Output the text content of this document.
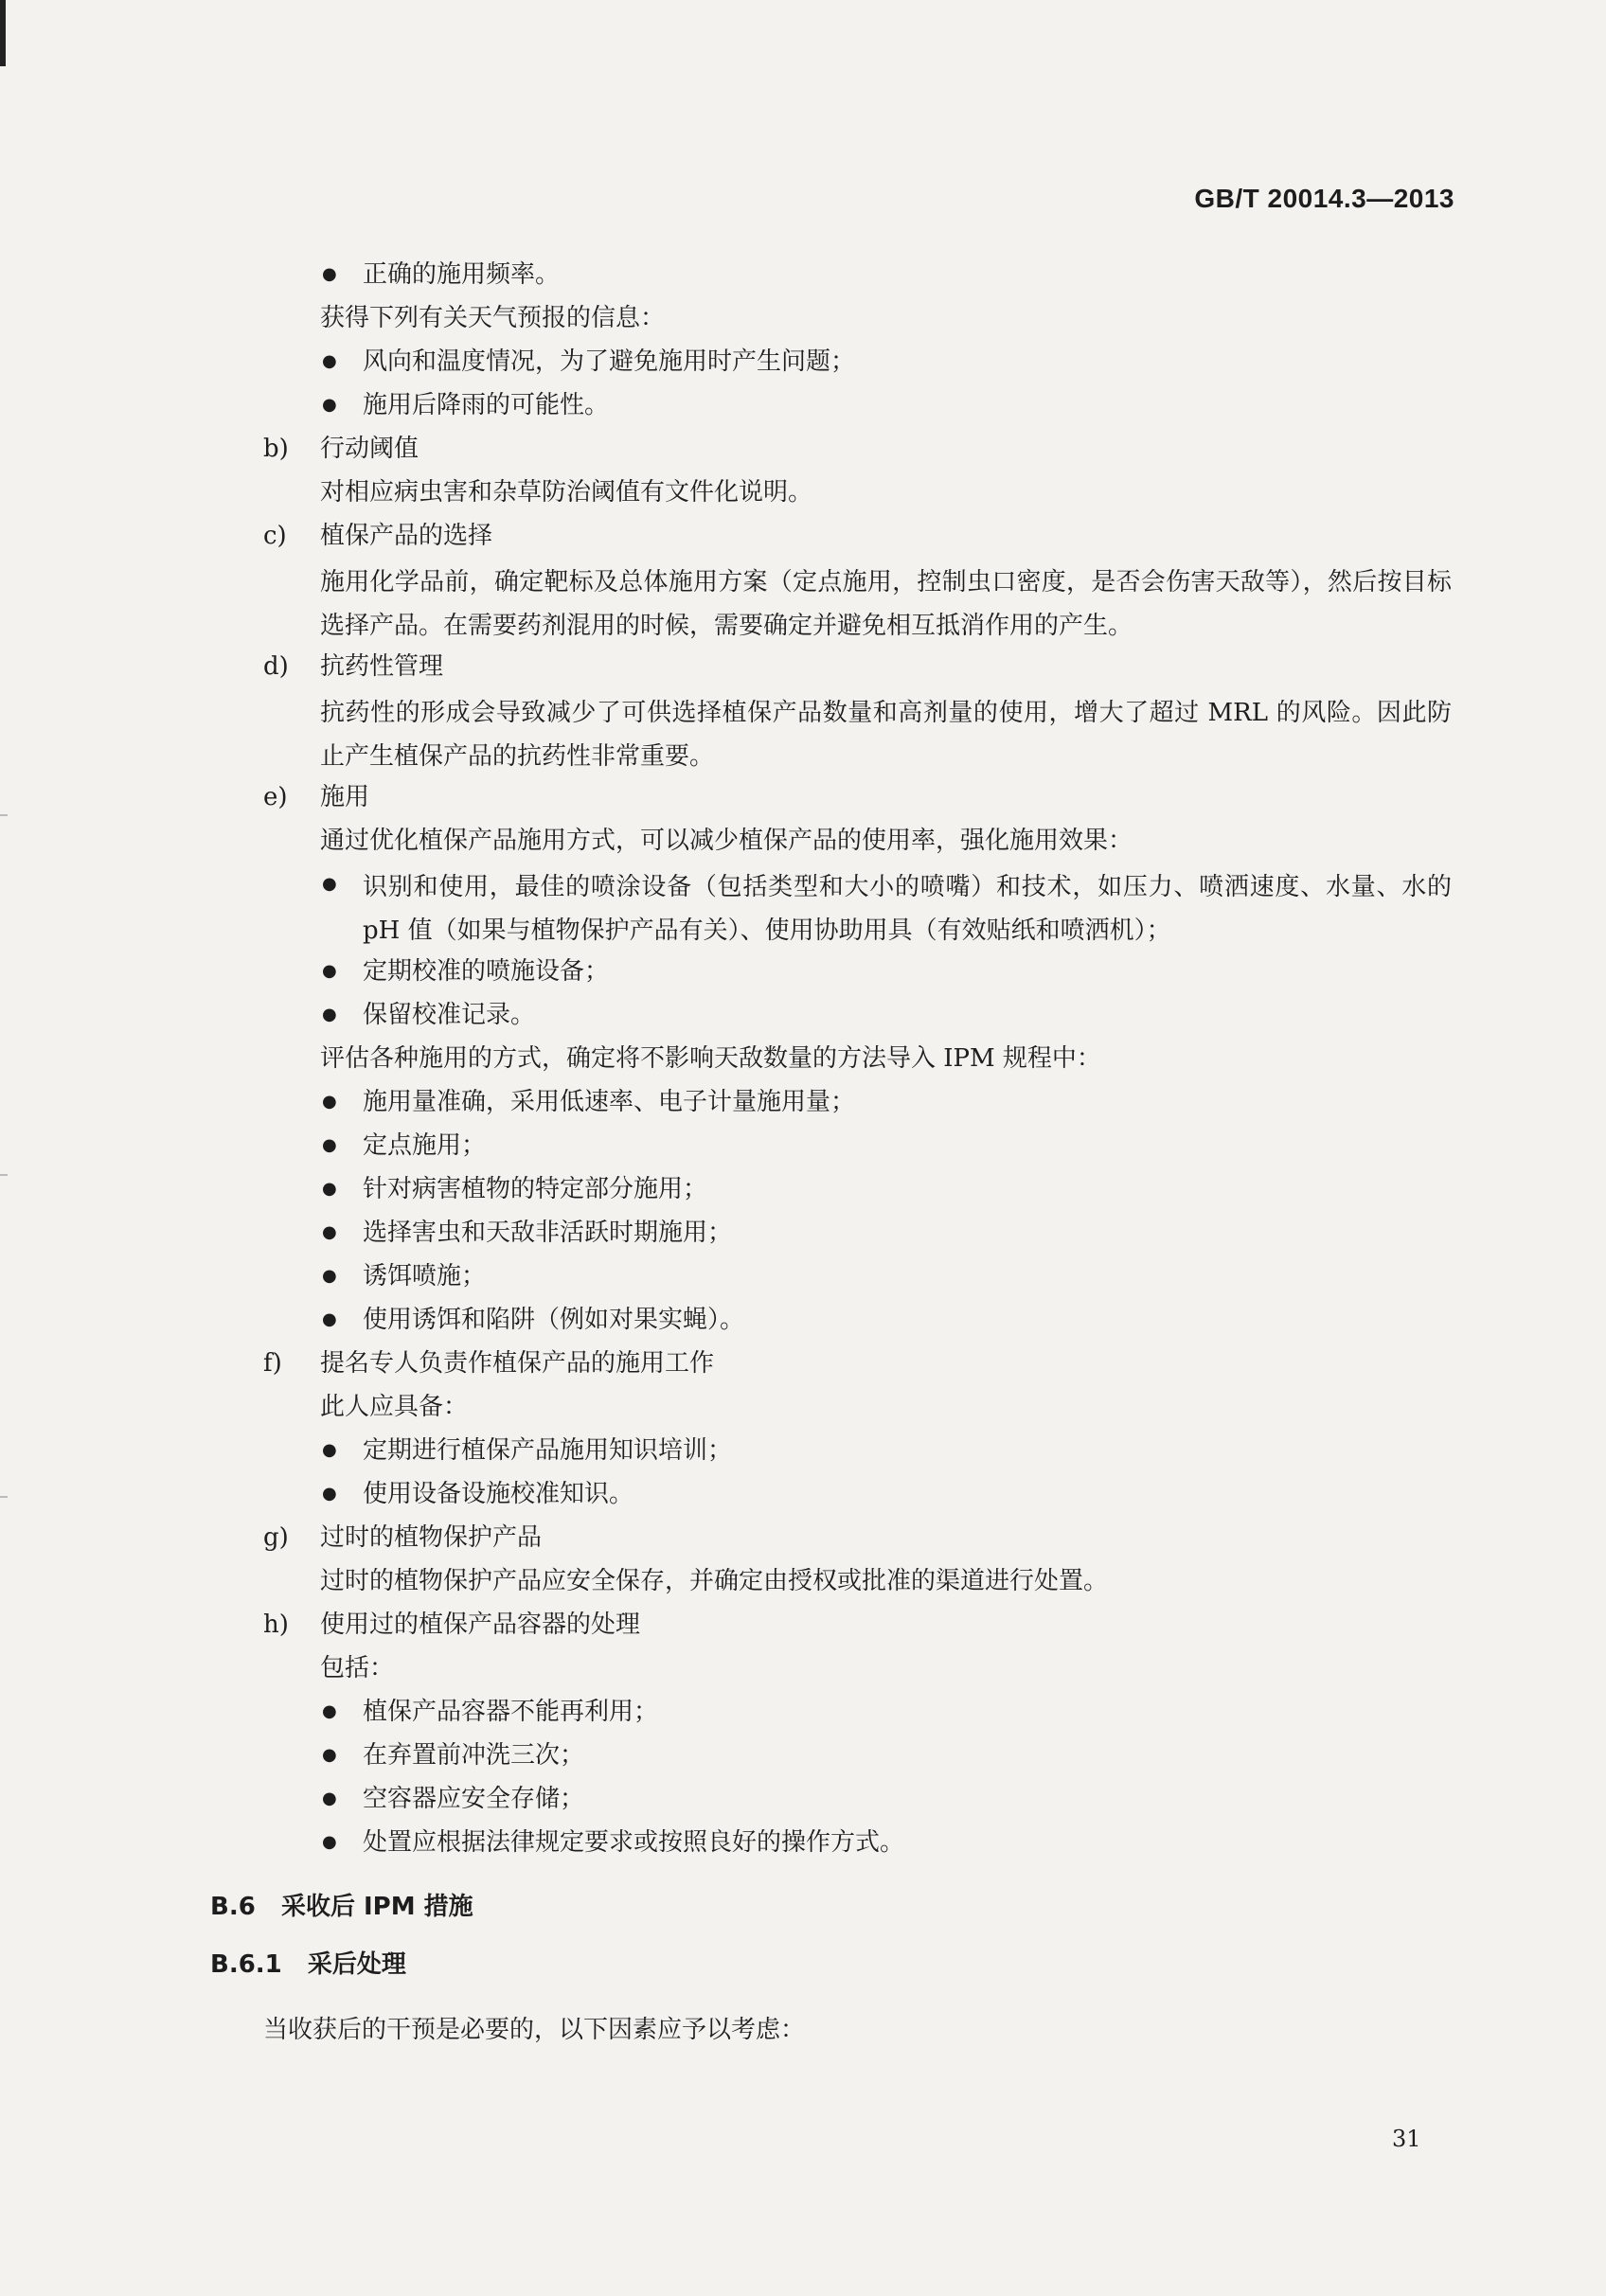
GB/T 20014.3—2013
● 正确的施用频率。
获得下列有关天气预报的信息：
● 风向和温度情况，为了避免施用时产生问题；
● 施用后降雨的可能性。
b) 行动阈值
对相应病虫害和杂草防治阈值有文件化说明。
c) 植保产品的选择
施用化学品前，确定靶标及总体施用方案（定点施用，控制虫口密度，是否会伤害天敌等），然后按目标选择产品。在需要药剂混用的时候，需要确定并避免相互抵消作用的产生。
d) 抗药性管理
抗药性的形成会导致减少了可供选择植保产品数量和高剂量的使用，增大了超过 MRL 的风险。因此防止产生植保产品的抗药性非常重要。
e) 施用
通过优化植保产品施用方式，可以减少植保产品的使用率，强化施用效果：
● 识别和使用，最佳的喷涂设备（包括类型和大小的喷嘴）和技术，如压力、喷洒速度、水量、水的 pH 值（如果与植物保护产品有关）、使用协助用具（有效贴纸和喷洒机）；
● 定期校准的喷施设备；
● 保留校准记录。
评估各种施用的方式，确定将不影响天敌数量的方法导入 IPM 规程中：
● 施用量准确，采用低速率、电子计量施用量；
● 定点施用；
● 针对病害植物的特定部分施用；
● 选择害虫和天敌非活跃时期施用；
● 诱饵喷施；
● 使用诱饵和陷阱（例如对果实蝇）。
f) 提名专人负责作植保产品的施用工作
此人应具备：
● 定期进行植保产品施用知识培训；
● 使用设备设施校准知识。
g) 过时的植物保护产品
过时的植物保护产品应安全保存，并确定由授权或批准的渠道进行处置。
h) 使用过的植保产品容器的处理
包括：
● 植保产品容器不能再利用；
● 在弃置前冲洗三次；
● 空容器应安全存储；
● 处置应根据法律规定要求或按照良好的操作方式。
B.6 采收后 IPM 措施
B.6.1 采后处理
当收获后的干预是必要的，以下因素应予以考虑：
31
